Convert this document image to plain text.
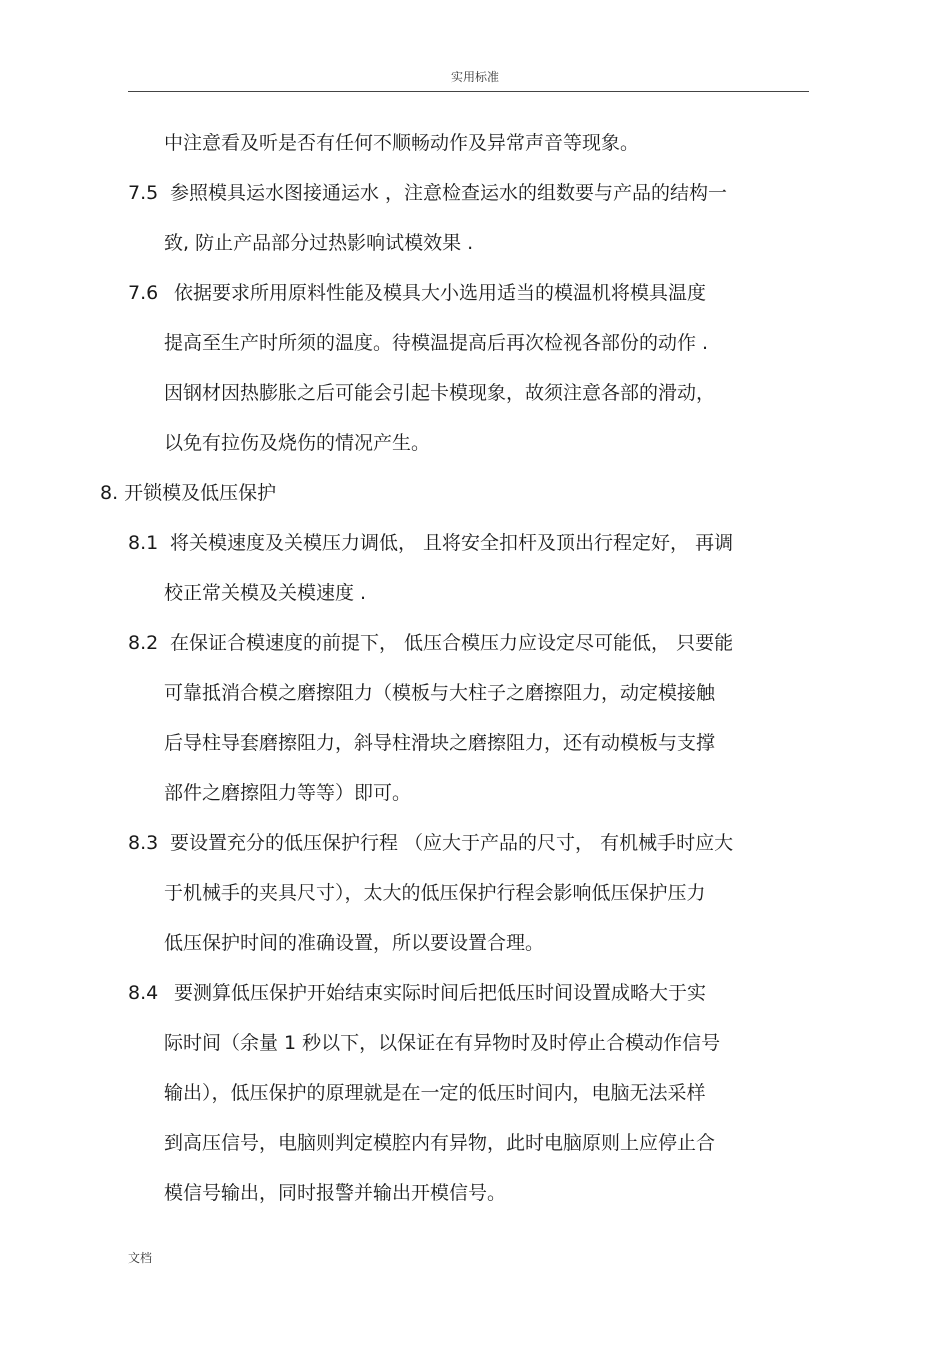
实用标准
中注意看及听是否有任何不顺畅动作及异常声音等现象。
7.5 参照模具运水图接通运水 ，注意检查运水的组数要与产品的结构一
致, 防止产品部分过热影响试模效果 .
7.6 依据要求所用原料性能及模具大小选用适当的模温机将模具温度
提高至生产时所须的温度。待模温提高后再次检视各部份的动作 .
因钢材因热膨胀之后可能会引起卡模现象，故须注意各部的滑动，
以免有拉伤及烧伤的情况产生。
8. 开锁模及低压保护
8.1 将关模速度及关模压力调低， 且将安全扣杆及顶出行程定好， 再调
校正常关模及关模速度 .
8.2 在保证合模速度的前提下， 低压合模压力应设定尽可能低， 只要能
可靠抵消合模之磨擦阻力（模板与大柱子之磨擦阻力，动定模接触
后导柱导套磨擦阻力，斜导柱滑块之磨擦阻力，还有动模板与支撑
部件之磨擦阻力等等）即可。
8.3 要设置充分的低压保护行程 （应大于产品的尺寸， 有机械手时应大
于机械手的夹具尺寸），太大的低压保护行程会影响低压保护压力
低压保护时间的准确设置，所以要设置合理。
8.4 要测算低压保护开始结束实际时间后把低压时间设置成略大于实
际时间（余量 1 秒以下，以保证在有异物时及时停止合模动作信号
输出），低压保护的原理就是在一定的低压时间内，电脑无法采样
到高压信号，电脑则判定模腔内有异物，此时电脑原则上应停止合
模信号输出，同时报警并输出开模信号。
文档
